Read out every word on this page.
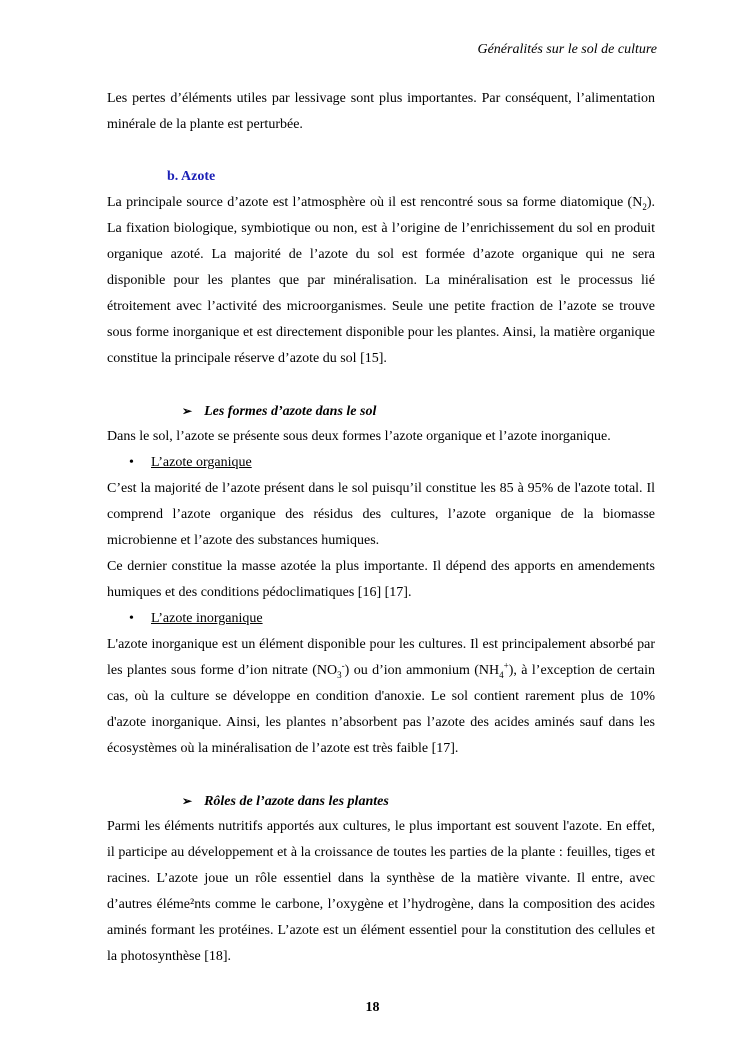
Généralités sur le sol de culture

Les pertes d’éléments utiles par lessivage sont plus importantes. Par conséquent, l’alimentation minérale de la plante est perturbée.

b. Azote

La principale source d’azote est l’atmosphère où il est rencontré sous sa forme diatomique $(N_2)$. La fixation biologique, symbiotique ou non, est à l’origine de l’enrichissement du sol en produit organique azoté. La majorité de l’azote du sol est formée d’azote organique qui ne sera disponible pour les plantes que par minéralisation. La minéralisation est le processus lié étroitement avec l’activité des microorganismes. Seule une petite fraction de l’azote se trouve sous forme inorganique et est directement disponible pour les plantes. Ainsi, la matière organique constitue la principale réserve d’azote du sol [15].

➢ Les formes d’azote dans le sol

Dans le sol, l’azote se présente sous deux formes l’azote organique et l’azote inorganique.

• L’azote organique

C’est la majorité de l’azote présent dans le sol puisqu’il constitue les 85 à 95% de l'azote total. Il comprend l’azote organique des résidus des cultures, l’azote organique de la biomasse microbienne et l’azote des substances humiques.

Ce dernier constitue la masse azotée la plus importante. Il dépend des apports en amendements humiques et des conditions pédoclimatiques [16] [17].

• L’azote inorganique

L'azote inorganique est un élément disponible pour les cultures. Il est principalement absorbé par les plantes sous forme d’ion nitrate $(NO_3^-)$ ou d’ion ammonium $(NH_4^+)$, à l’exception de certain cas, où la culture se développe en condition d'anoxie. Le sol contient rarement plus de 10% d'azote inorganique. Ainsi, les plantes n’absorbent pas l’azote des acides aminés sauf dans les écosystèmes où la minéralisation de l’azote est très faible [17].

➢ Rôles de l’azote dans les plantes

Parmi les éléments nutritifs apportés aux cultures, le plus important est souvent l'azote. En effet, il participe au développement et à la croissance de toutes les parties de la plante : feuilles, tiges et racines. L’azote joue un rôle essentiel dans la synthèse de la matière vivante. Il entre, avec d’autres éléme²nts comme le carbone, l’oxygène et l’hydrogène, dans la composition des acides aminés formant les protéines. L’azote est un élément essentiel pour la constitution des cellules et la photosynthèse [18].

18
